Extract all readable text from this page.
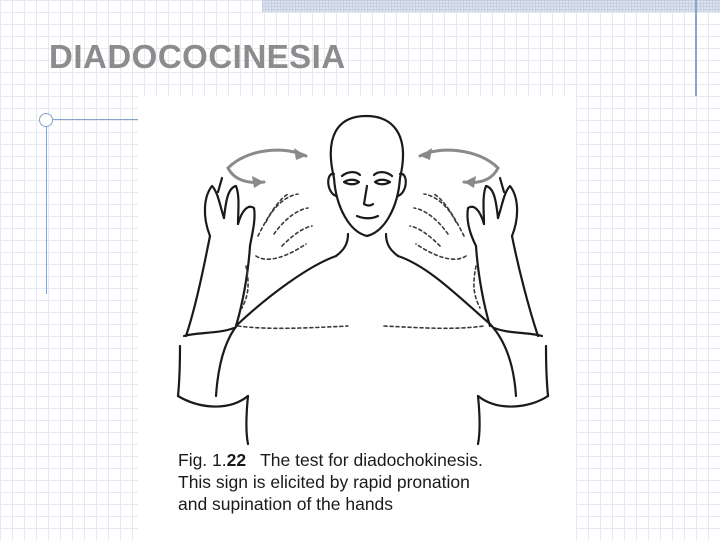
DIADOCOCINESIA
Fig. 1.22 The test for diadochokinesis.
This sign is elicited by rapid pronation
and supination of the hands
